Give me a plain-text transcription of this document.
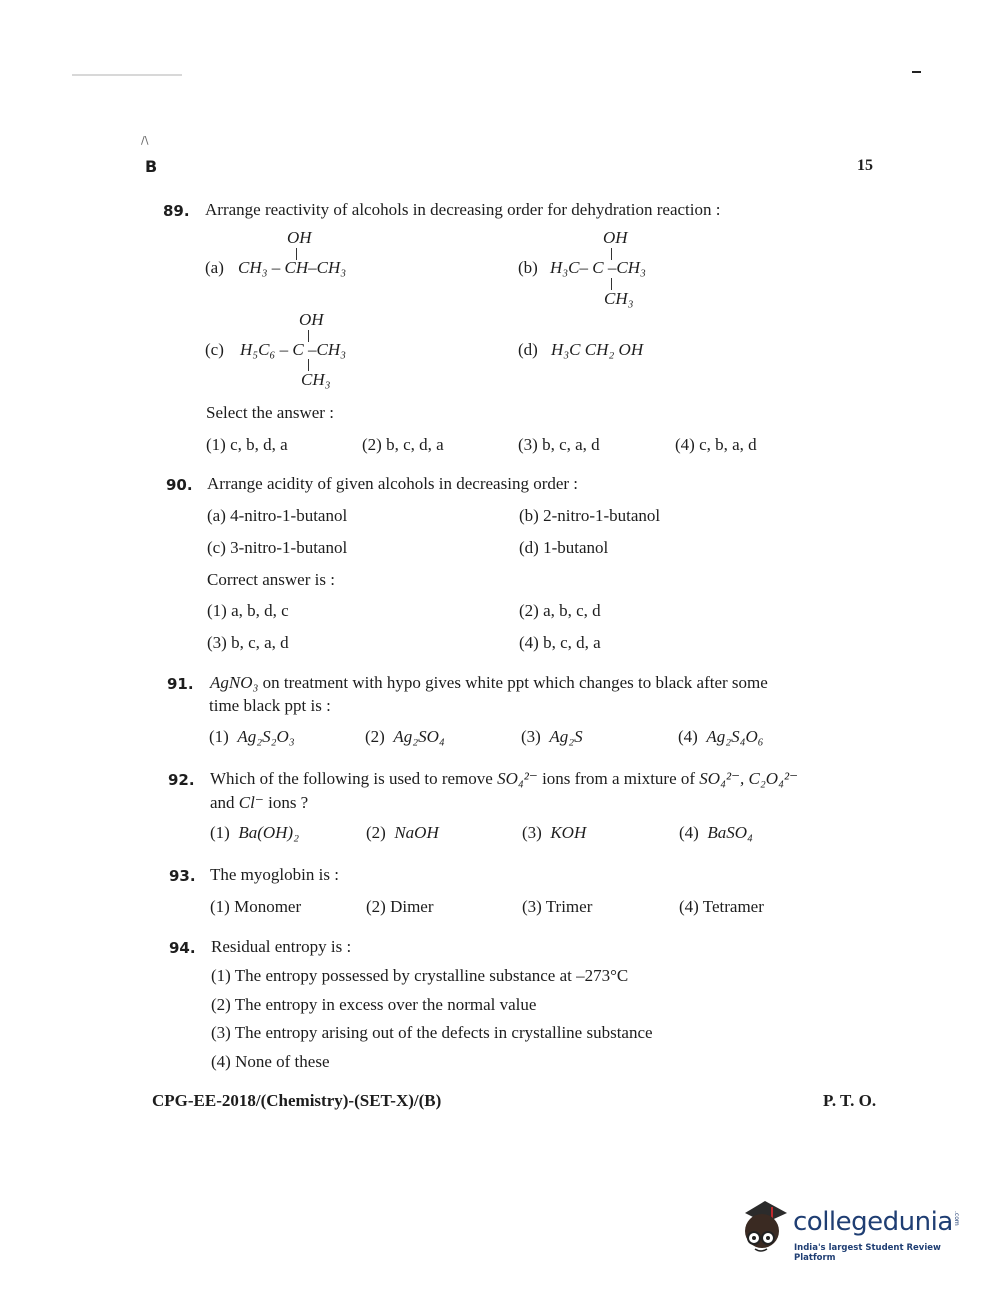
/\
B	15
89. Arrange reactivity of alcohols in decreasing order for dehydration reaction :
OH
(a) CH₃ – CH–CH₃
OH
(b) H₃C– C –CH₃
CH₃
OH
(c) H₅C₆ – C –CH₃
CH₃
(d) H₃C CH₂ OH
Select the answer :
(1) c, b, d, a	(2) b, c, d, a	(3) b, c, a, d	(4) c, b, a, d
90. Arrange acidity of given alcohols in decreasing order :
(a) 4-nitro-1-butanol	(b) 2-nitro-1-butanol
(c) 3-nitro-1-butanol	(d) 1-butanol
Correct answer is :
(1) a, b, d, c	(2) a, b, c, d
(3) b, c, a, d	(4) b, c, d, a
91. AgNO₃ on treatment with hypo gives white ppt which changes to black after some
time black ppt is :
(1) Ag₂S₂O₃	(2) Ag₂SO₄	(3) Ag₂S	(4) Ag₂S₄O₆
92. Which of the following is used to remove SO₄²⁻ ions from a mixture of SO₄²⁻, C₂O₄²⁻
and Cl⁻ ions ?
(1) Ba(OH)₂	(2) NaOH	(3) KOH	(4) BaSO₄
93. The myoglobin is :
(1) Monomer	(2) Dimer	(3) Trimer	(4) Tetramer
94. Residual entropy is :
(1) The entropy possessed by crystalline substance at –273°C
(2) The entropy in excess over the normal value
(3) The entropy arising out of the defects in crystalline substance
(4) None of these
CPG-EE-2018/(Chemistry)-(SET-X)/(B)	P. T. O.
collegedunia .com
India's largest Student Review Platform
